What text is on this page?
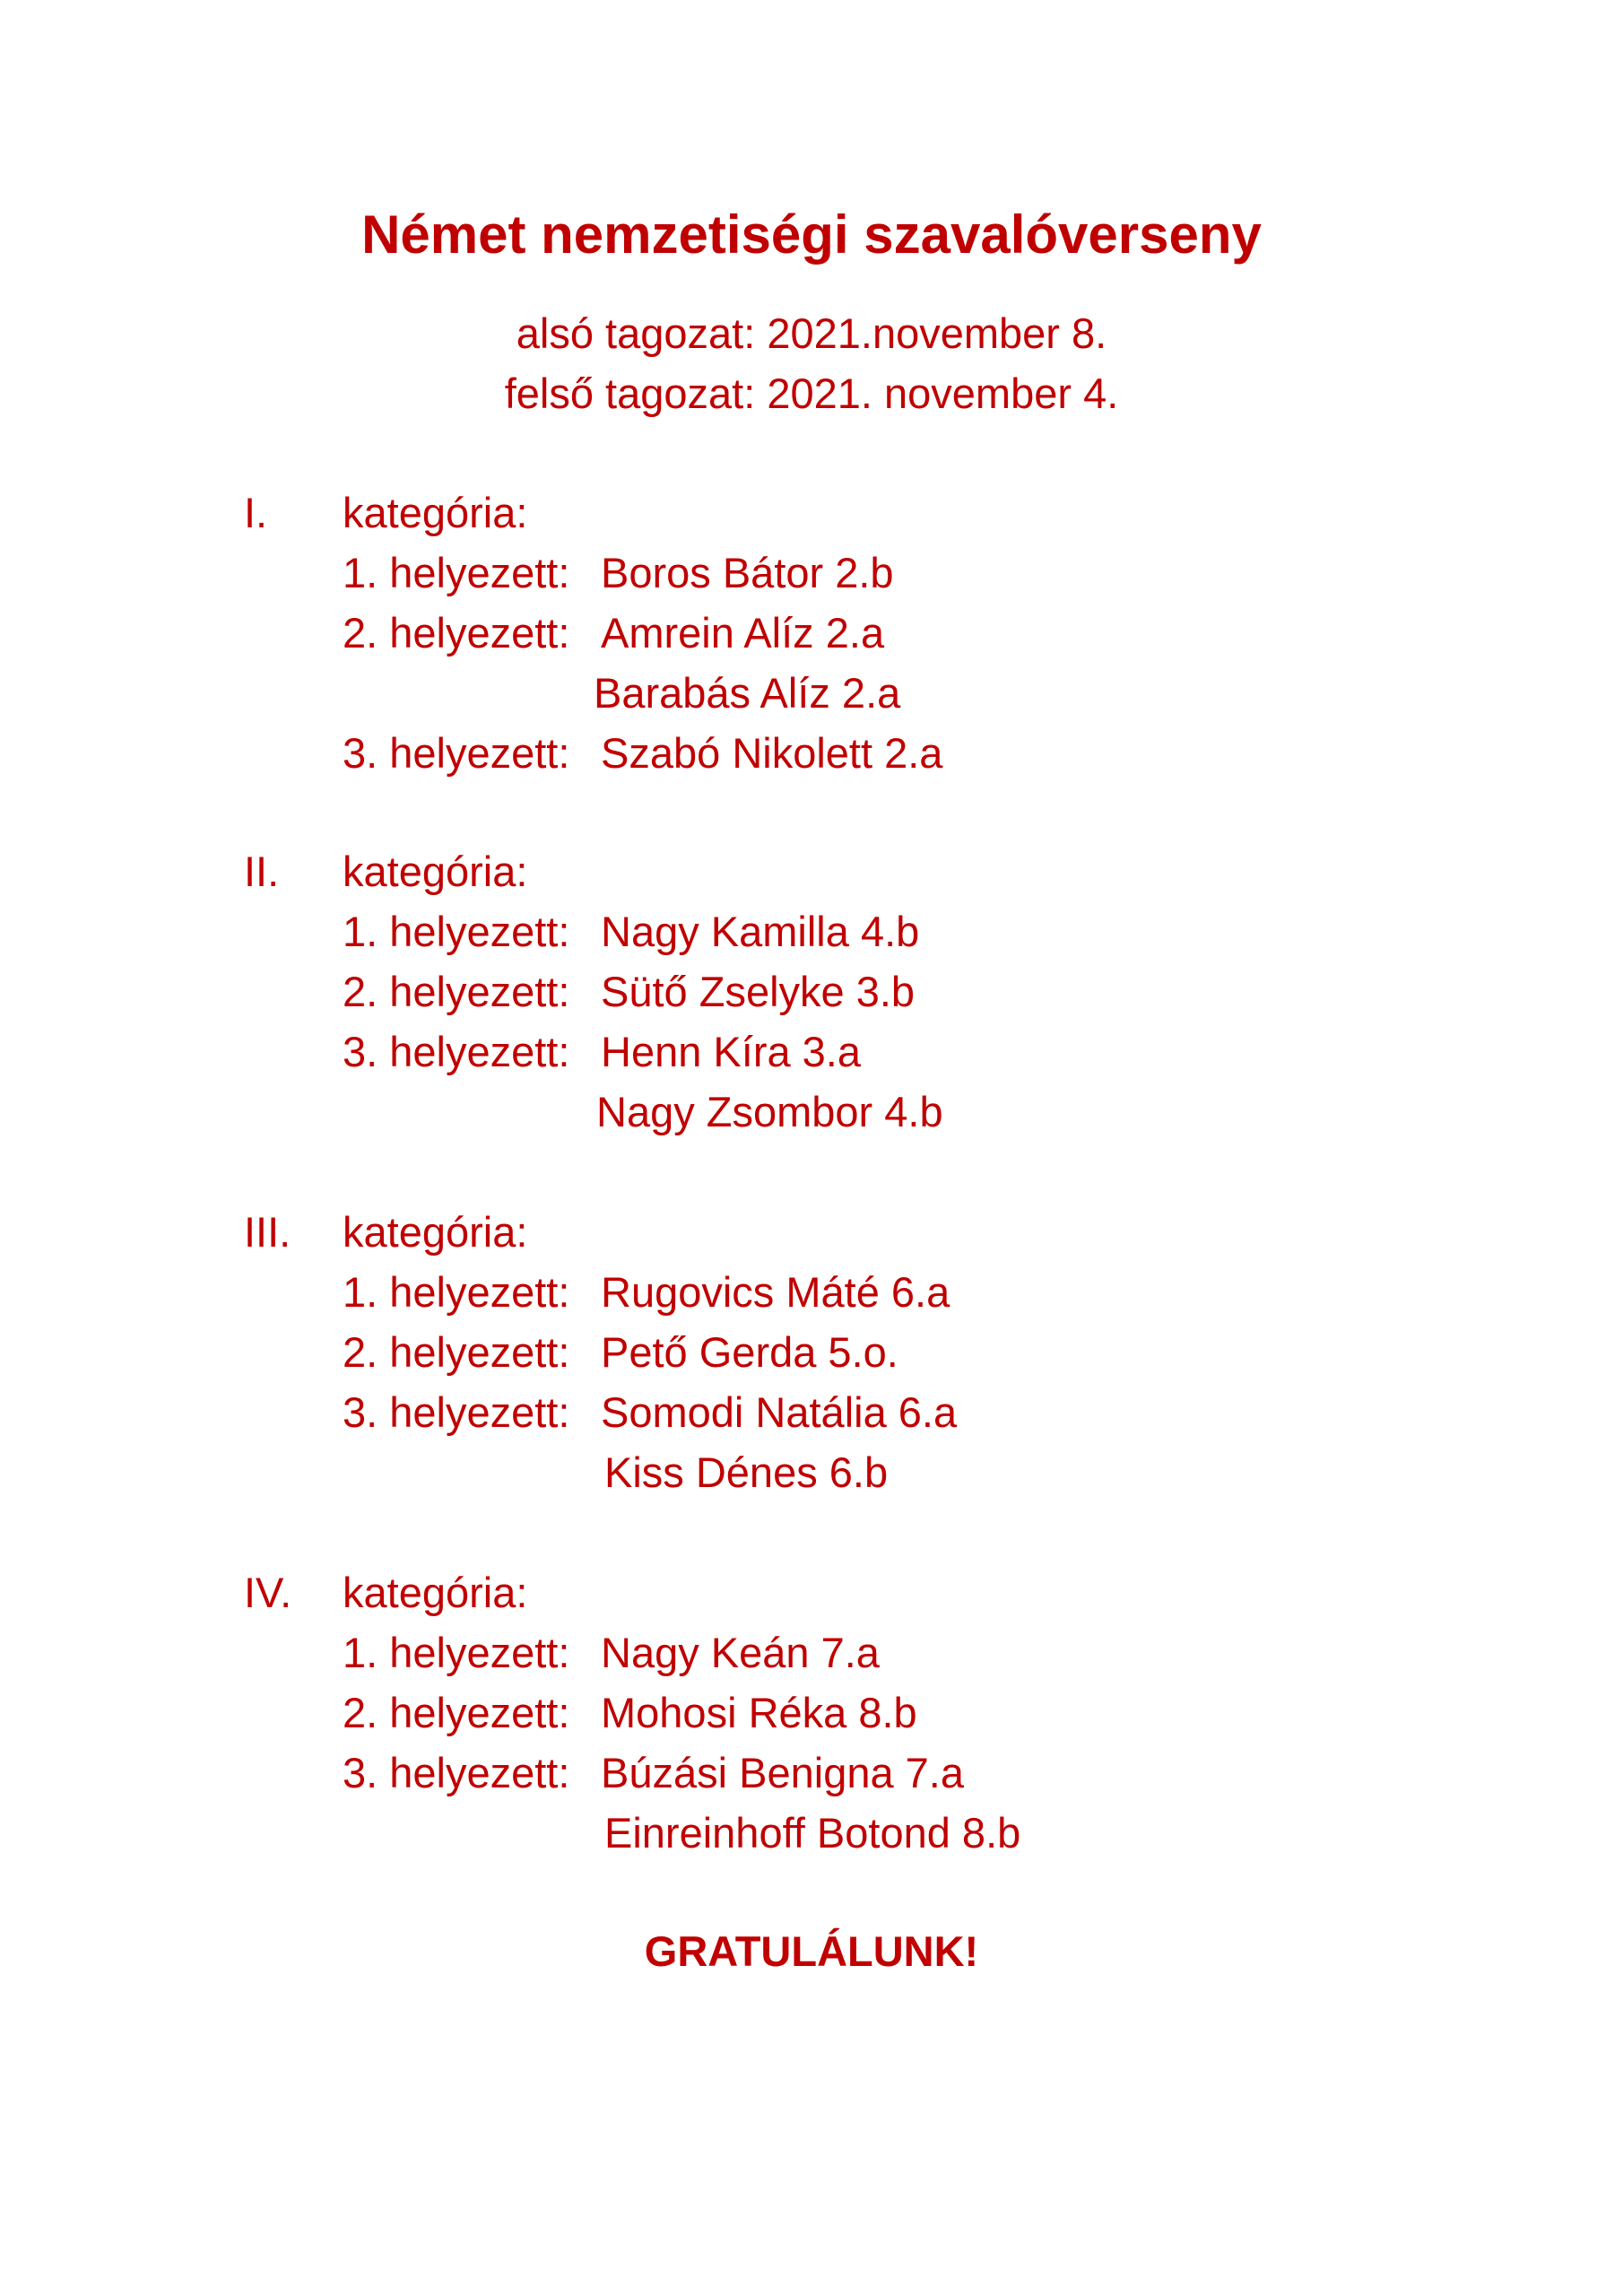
Német nemzetiségi szavalóverseny
alsó tagozat: 2021.november 8.
felső tagozat: 2021. november 4.
I. kategória:
1. helyezett: Boros Bátor 2.b
2. helyezett: Amrein Alíz 2.a
Barabás Alíz 2.a
3. helyezett: Szabó Nikolett 2.a
II. kategória:
1. helyezett: Nagy Kamilla 4.b
2. helyezett: Sütő Zselyke 3.b
3. helyezett: Henn Kíra 3.a
Nagy Zsombor 4.b
III. kategória:
1. helyezett: Rugovics Máté 6.a
2. helyezett: Pető Gerda 5.o.
3. helyezett: Somodi Natália 6.a
Kiss Dénes 6.b
IV. kategória:
1. helyezett: Nagy Keán 7.a
2. helyezett: Mohosi Réka 8.b
3. helyezett: Búzási Benigna 7.a
Einreinhoff Botond 8.b
GRATULÁLUNK!
